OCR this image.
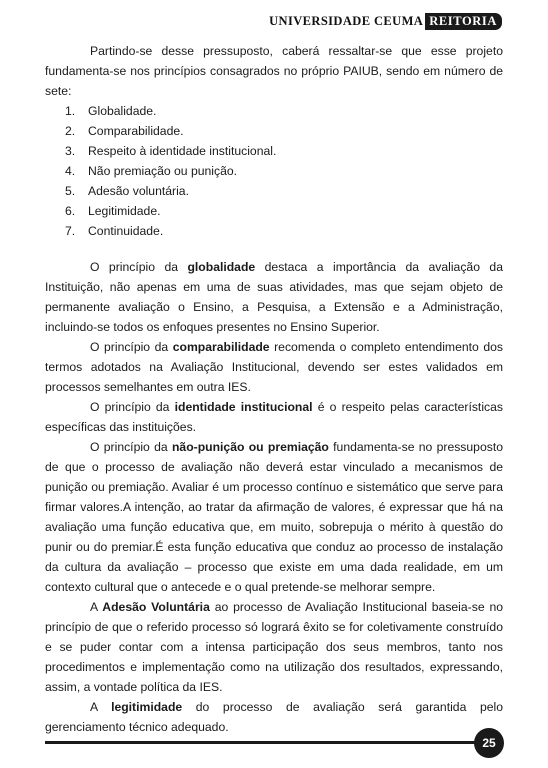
UNIVERSIDADE CEUMA REITORIA

Partindo-se desse pressuposto, caberá ressaltar-se que esse projeto fundamenta-se nos princípios consagrados no próprio PAIUB, sendo em número de sete:

1.	Globalidade.
2.	Comparabilidade.
3.	Respeito à identidade institucional.
4.	Não premiação ou punição.
5.	Adesão voluntária.
6.	Legitimidade.
7.	Continuidade.

O princípio da globalidade destaca a importância da avaliação da Instituição, não apenas em uma de suas atividades, mas que sejam objeto de permanente avaliação o Ensino, a Pesquisa, a Extensão e a Administração, incluindo-se todos os enfoques presentes no Ensino Superior.

O princípio da comparabilidade recomenda o completo entendimento dos termos adotados na Avaliação Institucional, devendo ser estes validados em processos semelhantes em outra IES.

O princípio da identidade institucional é o respeito pelas características específicas das instituições.

O princípio da não-punição ou premiação fundamenta-se no pressuposto de que o processo de avaliação não deverá estar vinculado a mecanismos de punição ou premiação. Avaliar é um processo contínuo e sistemático que serve para firmar valores.A intenção, ao tratar da afirmação de valores, é expressar que há na avaliação uma função educativa que, em muito, sobrepuja o mérito à questão do punir ou do premiar.É esta função educativa que conduz ao processo de instalação da cultura da avaliação – processo que existe em uma dada realidade, em um contexto cultural que o antecede e o qual pretende-se melhorar sempre.

A Adesão Voluntária ao processo de Avaliação Institucional baseia-se no princípio de que o referido processo só logrará êxito se for coletivamente construído e se puder contar com a intensa participação dos seus membros, tanto nos procedimentos e implementação como na utilização dos resultados, expressando, assim, a vontade política da IES.

A legitimidade do processo de avaliação será garantida pelo gerenciamento técnico adequado.

25
